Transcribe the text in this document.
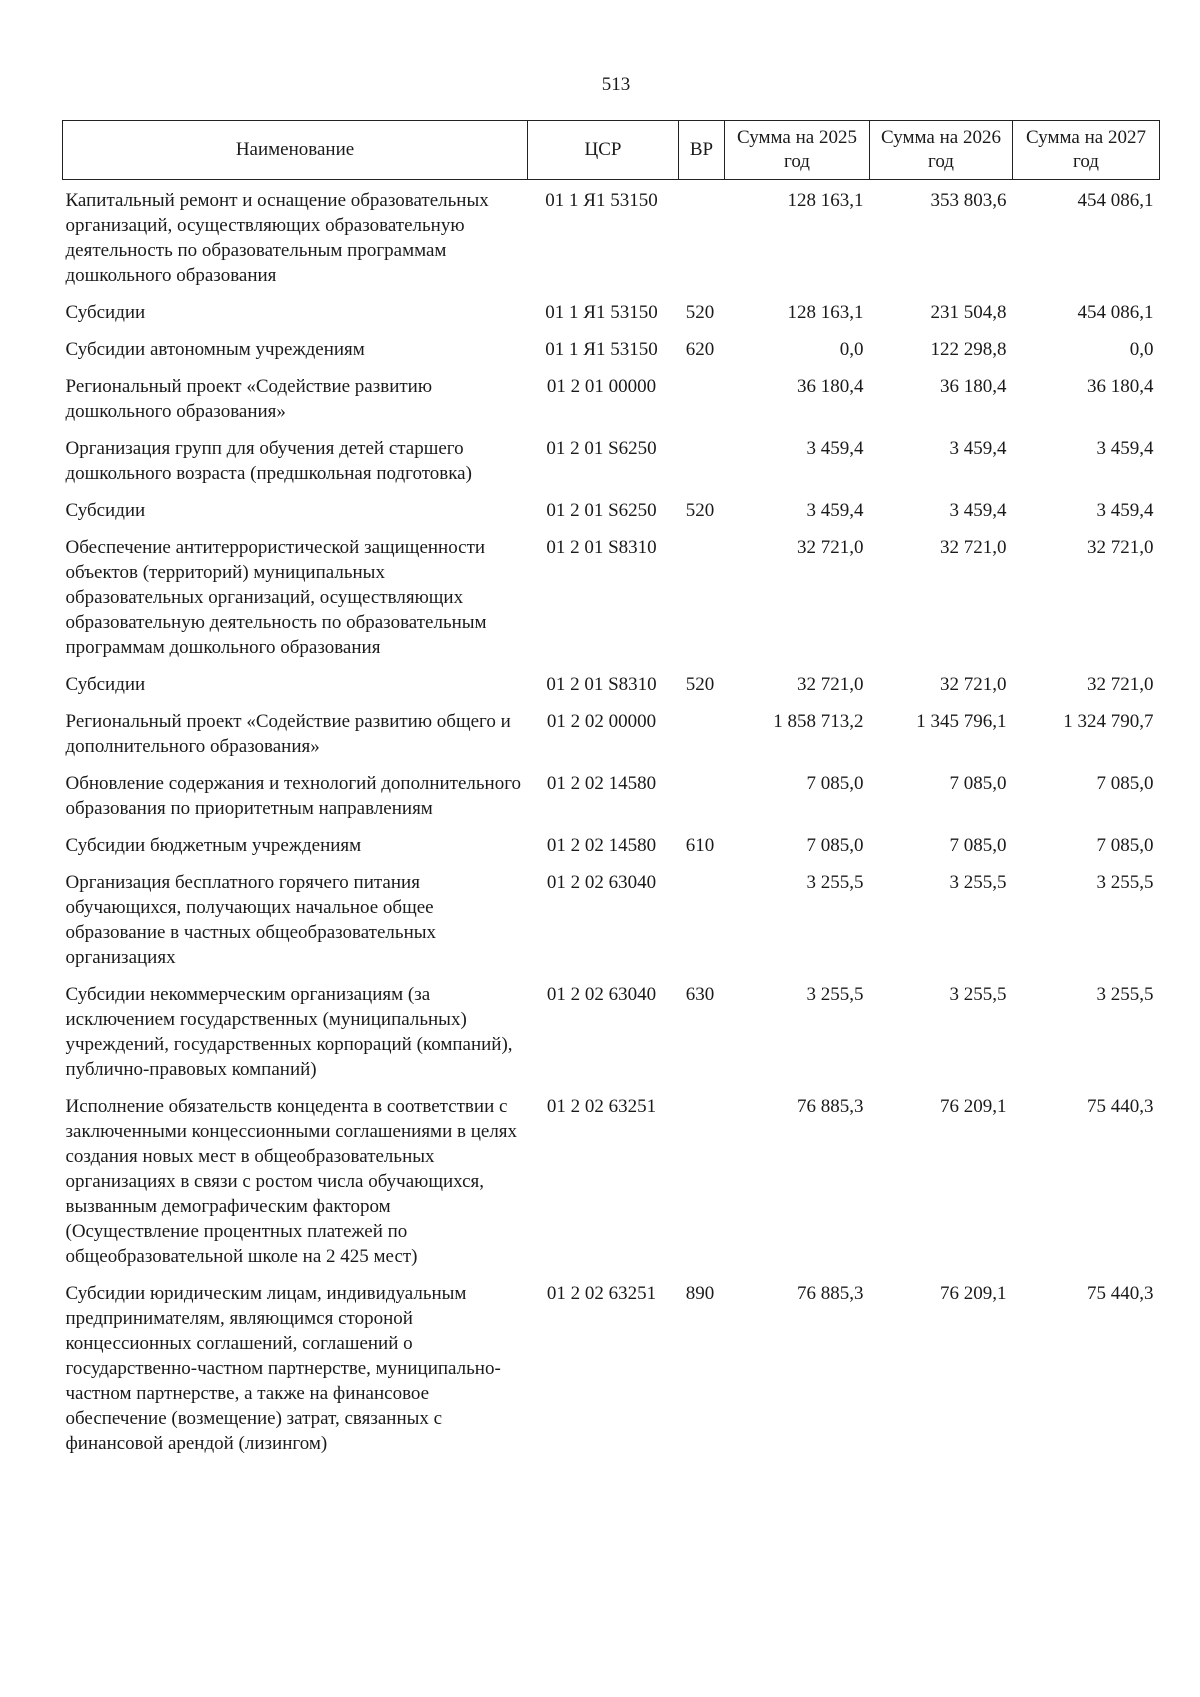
513
Наименование	ЦСР	ВР	Сумма на 2025 год	Сумма на 2026 год	Сумма на 2027 год
Капитальный ремонт и оснащение образовательных организаций, осуществляющих образовательную деятельность по образовательным программам дошкольного образования	01 1 Я1 53150		128 163,1	353 803,6	454 086,1
Субсидии	01 1 Я1 53150	520	128 163,1	231 504,8	454 086,1
Субсидии автономным учреждениям	01 1 Я1 53150	620	0,0	122 298,8	0,0
Региональный проект «Содействие развитию дошкольного образования»	01 2 01 00000		36 180,4	36 180,4	36 180,4
Организация групп для обучения детей старшего дошкольного возраста (предшкольная подготовка)	01 2 01 S6250		3 459,4	3 459,4	3 459,4
Субсидии	01 2 01 S6250	520	3 459,4	3 459,4	3 459,4
Обеспечение антитеррористической защищенности объектов (территорий) муниципальных образовательных организаций, осуществляющих образовательную деятельность по образовательным программам дошкольного образования	01 2 01 S8310		32 721,0	32 721,0	32 721,0
Субсидии	01 2 01 S8310	520	32 721,0	32 721,0	32 721,0
Региональный проект «Содействие развитию общего и дополнительного образования»	01 2 02 00000		1 858 713,2	1 345 796,1	1 324 790,7
Обновление содержания и технологий дополнительного образования по приоритетным направлениям	01 2 02 14580		7 085,0	7 085,0	7 085,0
Субсидии бюджетным учреждениям	01 2 02 14580	610	7 085,0	7 085,0	7 085,0
Организация бесплатного горячего питания обучающихся, получающих начальное общее образование в частных общеобразовательных организациях	01 2 02 63040		3 255,5	3 255,5	3 255,5
Субсидии некоммерческим организациям (за исключением государственных (муниципальных) учреждений, государственных корпораций (компаний), публично-правовых компаний)	01 2 02 63040	630	3 255,5	3 255,5	3 255,5
Исполнение обязательств концедента в соответствии с заключенными концессионными соглашениями в целях создания новых мест в общеобразовательных организациях в связи с ростом числа обучающихся, вызванным демографическим фактором (Осуществление процентных платежей по общеобразовательной школе на 2 425 мест)	01 2 02 63251		76 885,3	76 209,1	75 440,3
Субсидии юридическим лицам, индивидуальным предпринимателям, являющимся стороной концессионных соглашений, соглашений о государственно-частном партнерстве, муниципально-частном партнерстве, а также на финансовое обеспечение (возмещение) затрат, связанных с финансовой арендой (лизингом)	01 2 02 63251	890	76 885,3	76 209,1	75 440,3
